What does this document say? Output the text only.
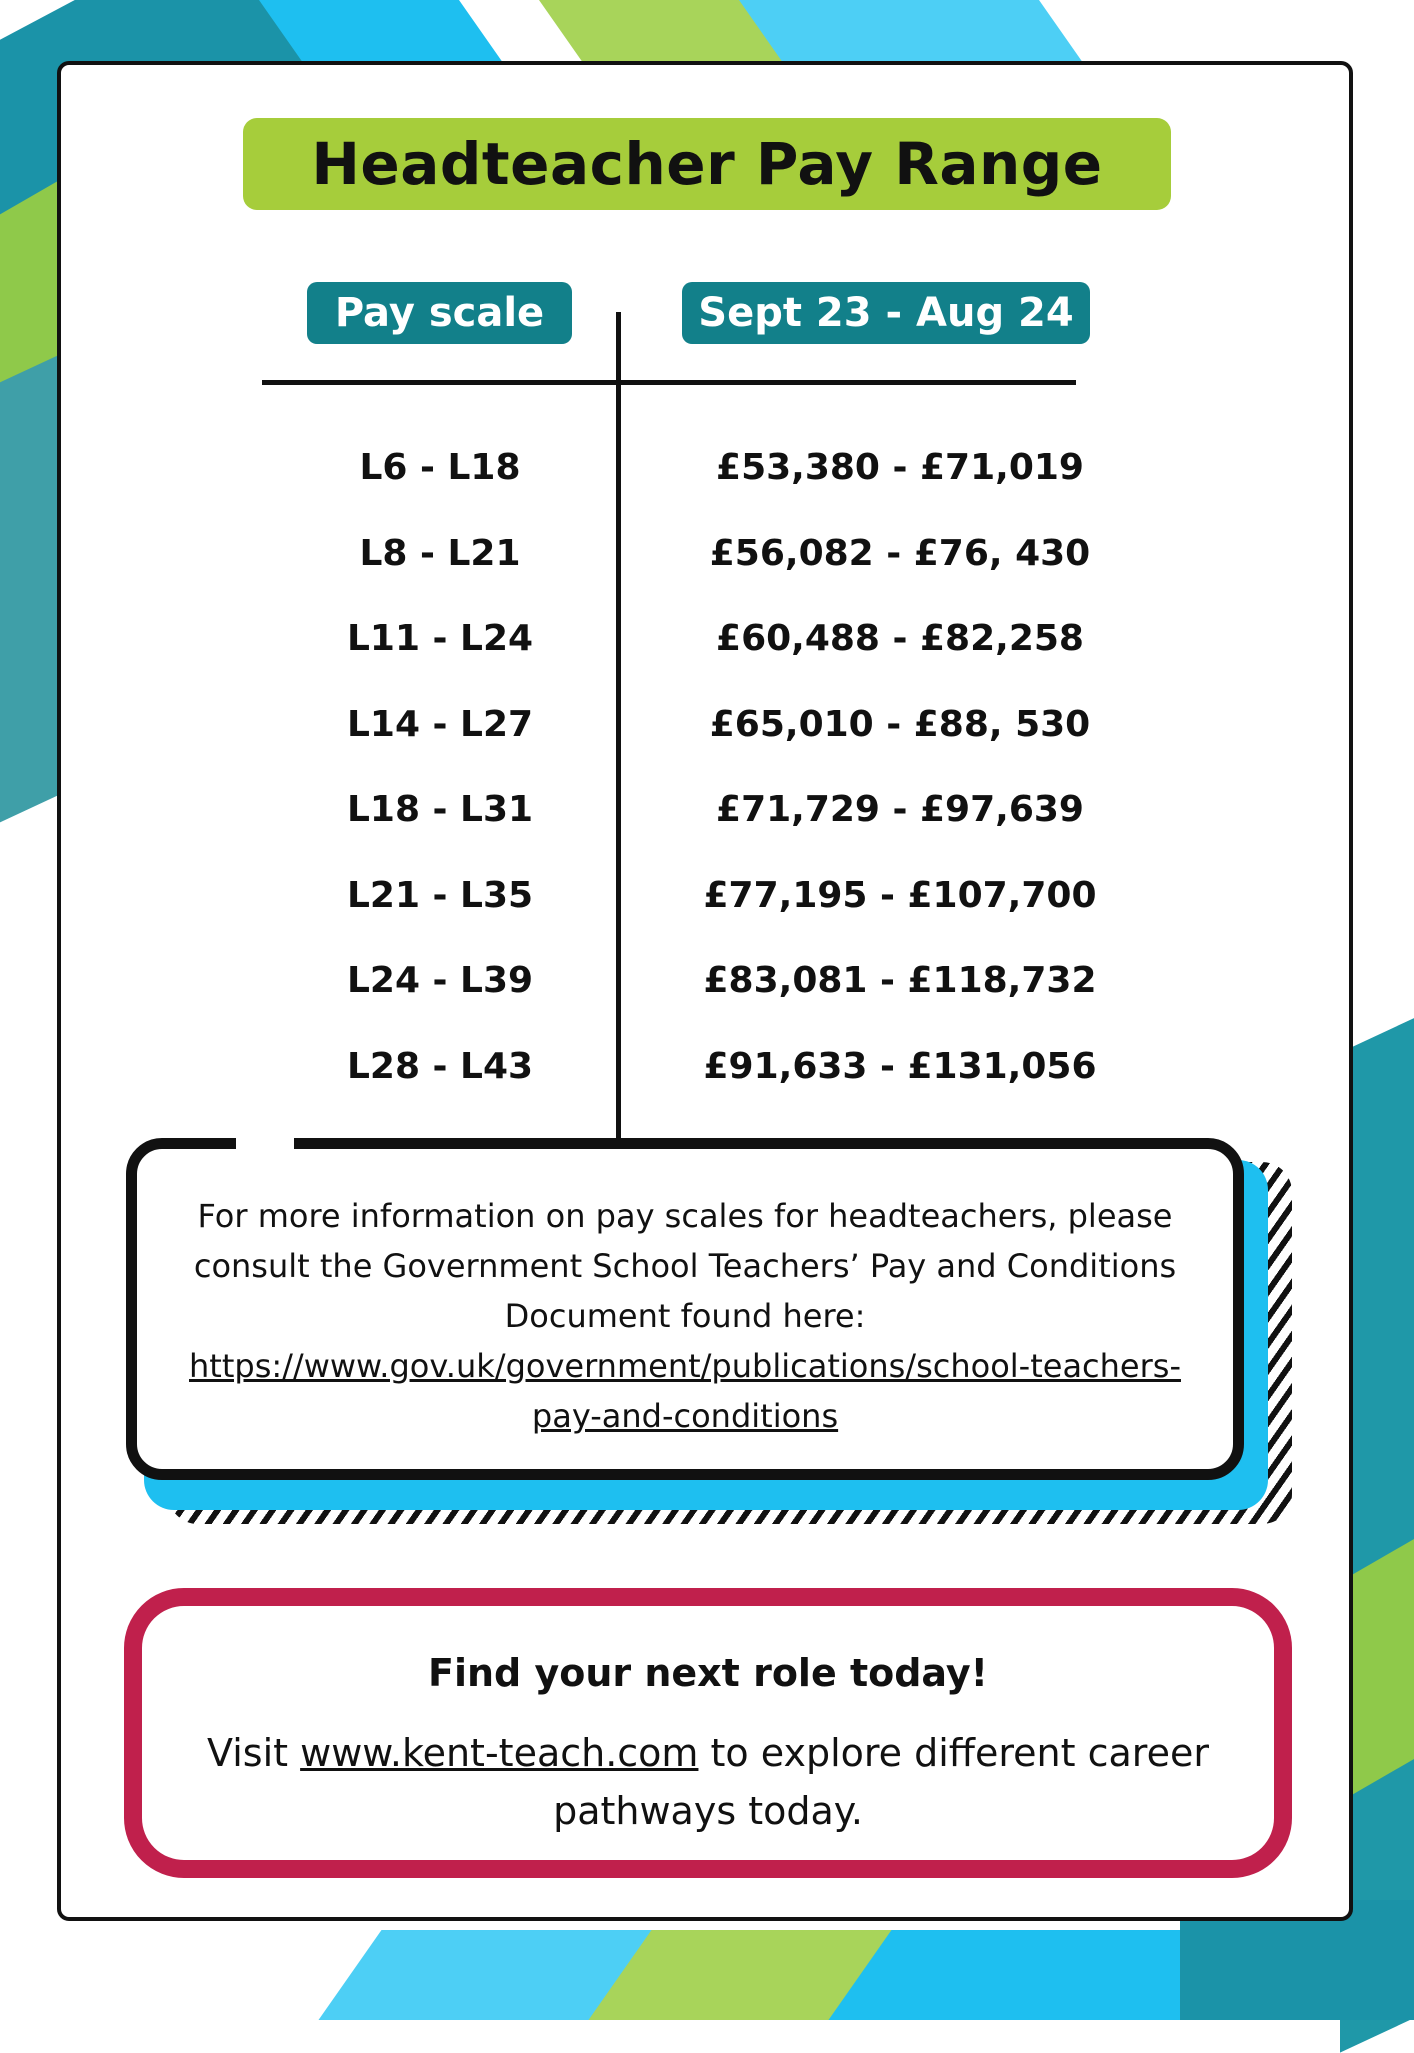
Headteacher Pay Range
Pay scale	Sept 23 - Aug 24
L6 - L18	£53,380 - £71,019
L8 - L21	£56,082 - £76, 430
L11 - L24	£60,488 - £82,258
L14 - L27	£65,010 - £88, 530
L18 - L31	£71,729 - £97,639
L21 - L35	£77,195 - £107,700
L24 - L39	£83,081 - £118,732
L28 - L43	£91,633 - £131,056
For more information on pay scales for headteachers, please consult the Government School Teachers’ Pay and Conditions Document found here:
https://www.gov.uk/government/publications/school-teachers-pay-and-conditions
Find your next role today!
Visit www.kent-teach.com to explore different career pathways today.
